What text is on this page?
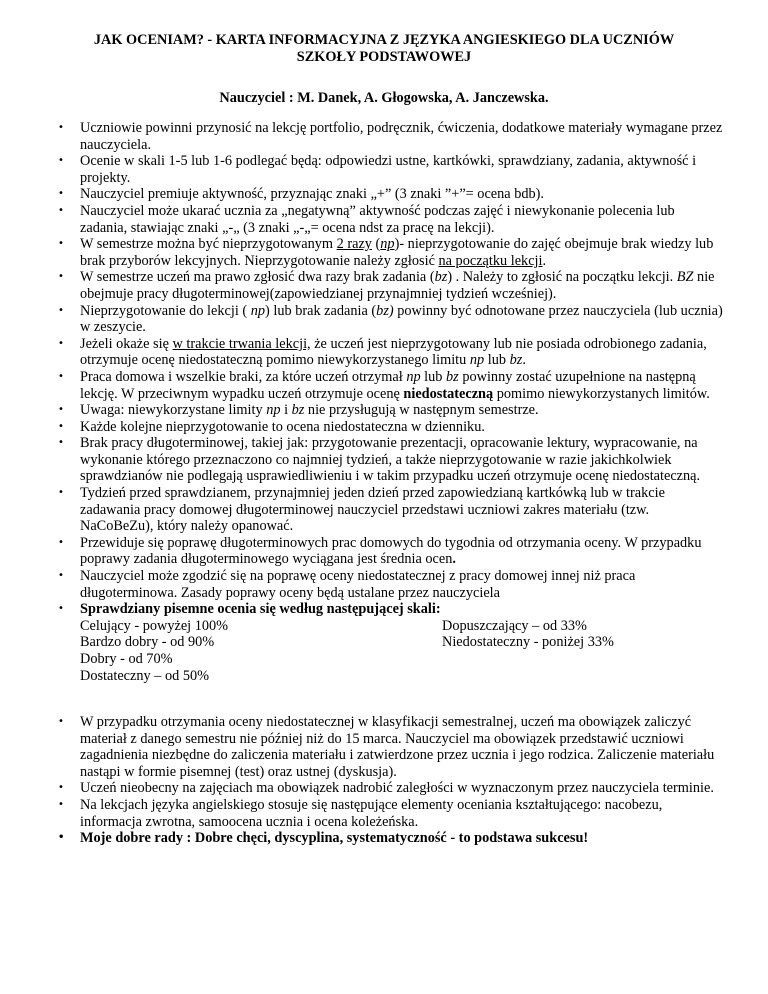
JAK OCENIAM? - KARTA INFORMACYJNA Z JĘZYKA ANGIESKIEGO DLA UCZNIÓW
SZKOŁY PODSTAWOWEJ
Nauczyciel : M. Danek, A. Głogowska, A. Janczewska.
• Uczniowie powinni przynosić na lekcję portfolio, podręcznik, ćwiczenia, dodatkowe materiały wymagane przez nauczyciela.
• Ocenie w skali 1-5 lub 1-6 podlegać będą: odpowiedzi ustne, kartkówki, sprawdziany, zadania, aktywność i projekty.
• Nauczyciel premiuje aktywność, przyznając znaki „+” (3 znaki ”+”= ocena bdb).
• Nauczyciel może ukarać ucznia za „negatywną” aktywność podczas zajęć i niewykonanie polecenia lub zadania, stawiając znaki „-„ (3 znaki „-„= ocena ndst za pracę na lekcji).
• W semestrze można być nieprzygotowanym 2 razy (np)- nieprzygotowanie do zajęć obejmuje brak wiedzy lub brak przyborów lekcyjnych. Nieprzygotowanie należy zgłosić na początku lekcji.
• W semestrze uczeń ma prawo zgłosić dwa razy brak zadania (bz) . Należy to zgłosić na początku lekcji. BZ nie obejmuje pracy długoterminowej(zapowiedzianej przynajmniej tydzień wcześniej).
• Nieprzygotowanie do lekcji ( np) lub brak zadania (bz) powinny być odnotowane przez nauczyciela (lub ucznia) w zeszycie.
• Jeżeli okaże się w trakcie trwania lekcji, że uczeń jest nieprzygotowany lub nie posiada odrobionego zadania, otrzymuje ocenę niedostateczną pomimo niewykorzystanego limitu np lub bz.
• Praca domowa i wszelkie braki, za które uczeń otrzymał np lub bz powinny zostać uzupełnione na następną lekcję. W przeciwnym wypadku uczeń otrzymuje ocenę niedostateczną pomimo niewykorzystanych limitów.
• Uwaga: niewykorzystane limity np i bz nie przysługują w następnym semestrze.
• Każde kolejne nieprzygotowanie to ocena niedostateczna w dzienniku.
• Brak pracy długoterminowej, takiej jak: przygotowanie prezentacji, opracowanie lektury, wypracowanie, na wykonanie którego przeznaczono co najmniej tydzień, a także nieprzygotowanie w razie jakichkolwiek sprawdzianów nie podlegają usprawiedliwieniu i w takim przypadku uczeń otrzymuje ocenę niedostateczną.
• Tydzień przed sprawdzianem, przynajmniej jeden dzień przed zapowiedzianą kartkówką lub w trakcie zadawania pracy domowej długoterminowej nauczyciel przedstawi uczniowi zakres materiału (tzw. NaCoBeZu), który należy opanować.
• Przewiduje się poprawę długoterminowych prac domowych do tygodnia od otrzymania oceny. W przypadku poprawy zadania długoterminowego wyciągana jest średnia ocen.
• Nauczyciel może zgodzić się na poprawę oceny niedostatecznej z pracy domowej innej niż praca długoterminowa. Zasady poprawy oceny będą ustalane przez nauczyciela
• Sprawdziany pisemne ocenia się według następującej skali:
Celujący - powyżej 100%	Dopuszczający – od 33%
Bardzo dobry - od 90%	Niedostateczny - poniżej 33%
Dobry - od 70%
Dostateczny – od 50%
• W przypadku otrzymania oceny niedostatecznej w klasyfikacji semestralnej, uczeń ma obowiązek zaliczyć materiał z danego semestru nie później niż do 15 marca. Nauczyciel ma obowiązek przedstawić uczniowi zagadnienia niezbędne do zaliczenia materiału i zatwierdzone przez ucznia i jego rodzica. Zaliczenie materiału nastąpi w formie pisemnej (test) oraz ustnej (dyskusja).
• Uczeń nieobecny na zajęciach ma obowiązek nadrobić zaległości w wyznaczonym przez nauczyciela terminie.
• Na lekcjach języka angielskiego stosuje się następujące elementy oceniania kształtującego: nacobezu, informacja zwrotna, samoocena ucznia i ocena koleżeńska.
• Moje dobre rady : Dobre chęci, dyscyplina, systematyczność - to podstawa sukcesu!
